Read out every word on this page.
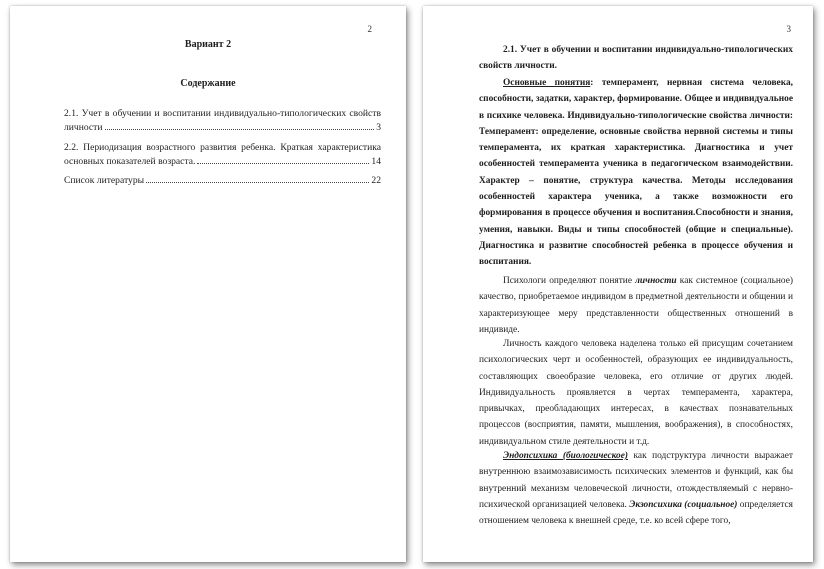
2
Вариант 2
Содержание
2.1. Учет в обучении и воспитании индивидуально-типологических свойств
личности	3
2.2. Периодизация возрастного развития ребенка. Краткая характеристика
основных показателей возраста.	14
Список литературы	22
3
2.1. Учет в обучении и воспитании индивидуально-типологических свойств личности.
Основные понятия: темперамент, нервная система человека, способности, задатки, характер, формирование. Общее и индивидуальное в психике человека. Индивидуально-типологические свойства личности: Темперамент: определение, основные свойства нервной системы и типы темперамента, их краткая характеристика. Диагностика и учет особенностей темперамента ученика в педагогическом взаимодействии. Характер – понятие, структура качества. Методы исследования особенностей характера ученика, а также возможности его формирования в процессе обучения и воспитания.Способности и знания, умения, навыки. Виды и типы способностей (общие и специальные). Диагностика и развитие способностей ребенка в процессе обучения и воспитания.
Психологи определяют понятие личности как системное (социальное) качество, приобретаемое индивидом в предметной деятельности и общении и характеризующее меру представленности общественных отношений в индивиде.
Личность каждого человека наделена только ей присущим сочетанием психологических черт и особенностей, образующих ее индивидуальность, составляющих своеобразие человека, его отличие от других людей. Индивидуальность проявляется в чертах темперамента, характера, привычках, преобладающих интересах, в качествах познавательных процессов (восприятия, памяти, мышления, воображения), в способностях, индивидуальном стиле деятельности и т.д.
Эндопсихика (биологическое) как подструктура личности выражает внутреннюю взаимозависимость психических элементов и функций, как бы внутренний механизм человеческой личности, отождествляемый с нервно-психической организацией человека. Экзопсихика (социальное) определяется отношением человека к внешней среде, т.е. ко всей сфере того,
